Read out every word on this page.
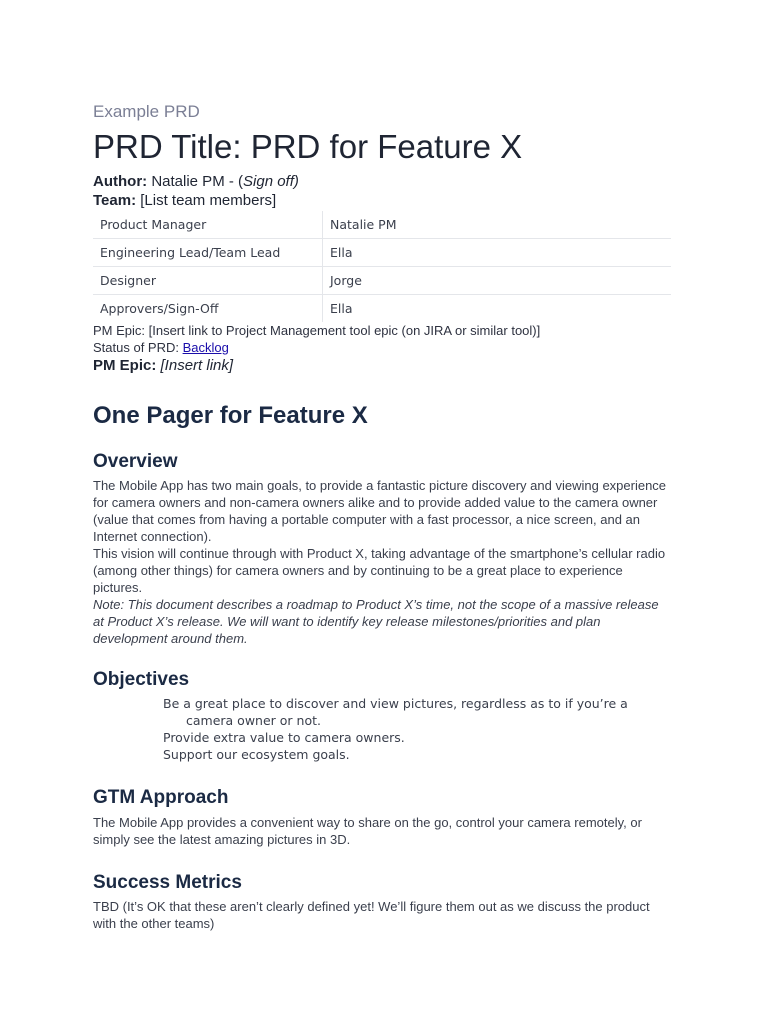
Example PRD

PRD Title: PRD for Feature X
Author: Natalie PM - (Sign off)
Team: [List team members]
Product Manager	Natalie PM
Engineering Lead/Team Lead	Ella
Designer	Jorge
Approvers/Sign-Off	Ella
PM Epic: [Insert link to Project Management tool epic (on JIRA or similar tool)]
Status of PRD: Backlog
PM Epic: [Insert link]
One Pager for Feature X
Overview

The Mobile App has two main goals, to provide a fantastic picture discovery and viewing experience for camera owners and non-camera owners alike and to provide added value to the camera owner (value that comes from having a portable computer with a fast processor, a nice screen, and an Internet connection).

This vision will continue through with Product X, taking advantage of the smartphone’s cellular radio (among other things) for camera owners and by continuing to be a great place to experience pictures.

Note: This document describes a roadmap to Product X’s time, not the scope of a massive release at Product X’s release. We will want to identify key release milestones/priorities and plan development around them.

Objectives
Be a great place to discover and view pictures, regardless as to if you’re a camera owner or not.
Provide extra value to camera owners.
Support our ecosystem goals.
GTM Approach

The Mobile App provides a convenient way to share on the go, control your camera remotely, or simply see the latest amazing pictures in 3D.

Success Metrics

TBD (It’s OK that these aren’t clearly defined yet! We’ll figure them out as we discuss the product with the other teams)
